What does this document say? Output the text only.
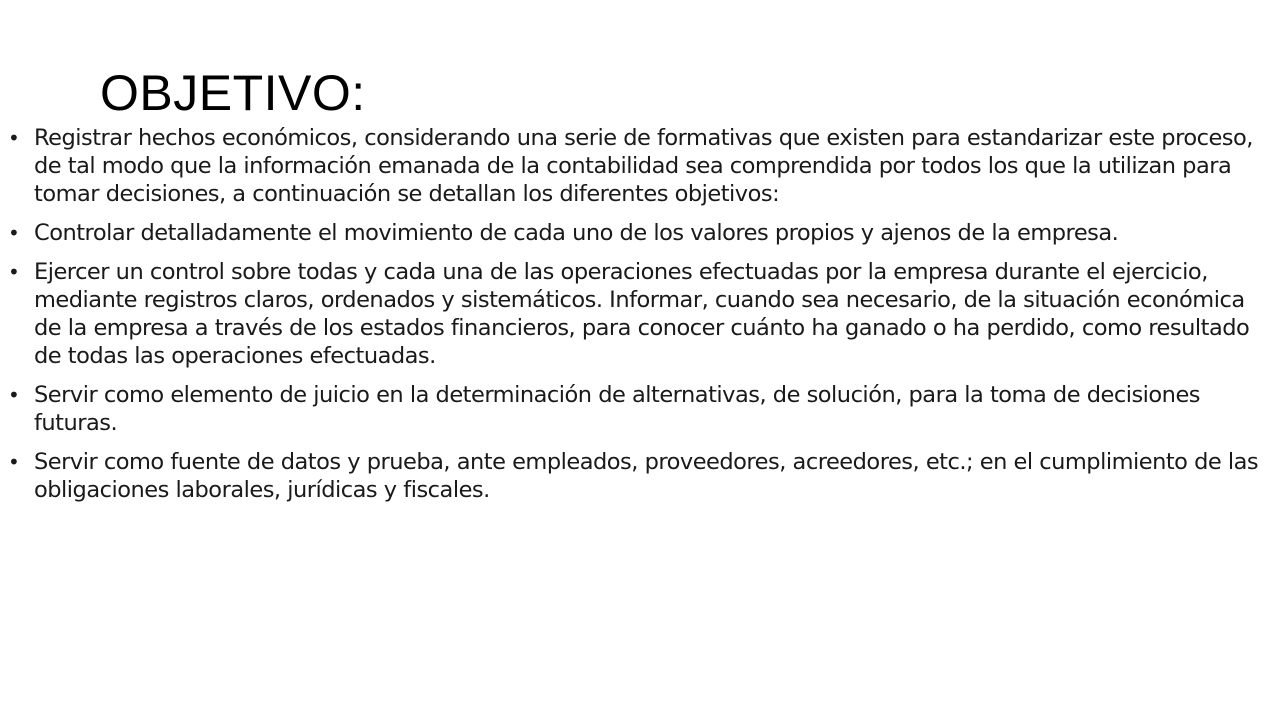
OBJETIVO:
• Registrar hechos económicos, considerando una serie de formativas que existen para estandarizar este proceso, de tal modo que la información emanada de la contabilidad sea comprendida por todos los que la utilizan para tomar decisiones, a continuación se detallan los diferentes objetivos:
• Controlar detalladamente el movimiento de cada uno de los valores propios y ajenos de la empresa.
• Ejercer un control sobre todas y cada una de las operaciones efectuadas por la empresa durante el ejercicio, mediante registros claros, ordenados y sistemáticos. Informar, cuando sea necesario, de la situación económica de la empresa a través de los estados financieros, para conocer cuánto ha ganado o ha perdido, como resultado de todas las operaciones efectuadas.
• Servir como elemento de juicio en la determinación de alternativas, de solución, para la toma de decisiones futuras.
• Servir como fuente de datos y prueba, ante empleados, proveedores, acreedores, etc.; en el cumplimiento de las obligaciones laborales, jurídicas y fiscales.
